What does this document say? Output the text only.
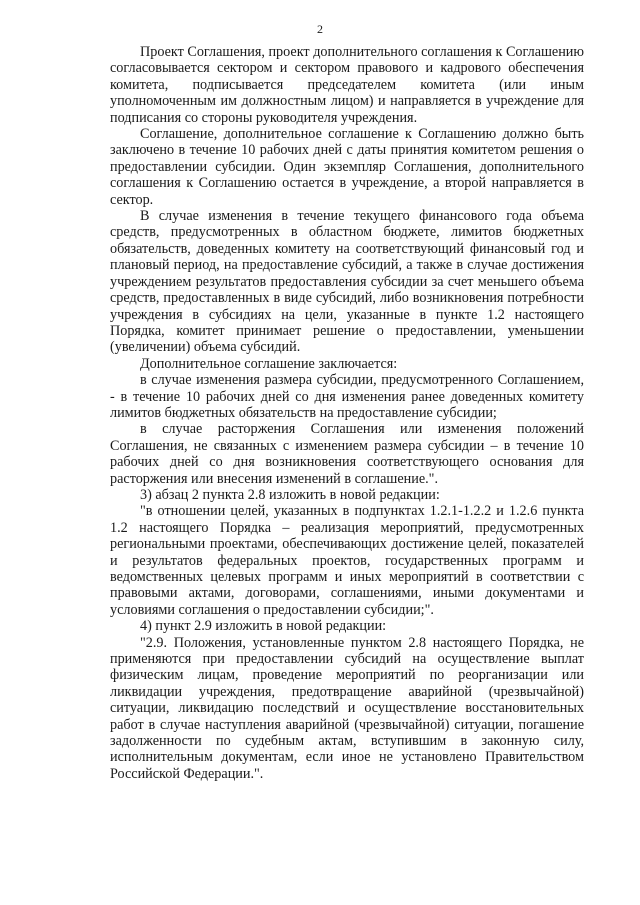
2

Проект Соглашения, проект дополнительного соглашения к Соглашению согласовывается сектором и сектором правового и кадрового обеспечения комитета, подписывается председателем комитета (или иным уполномоченным им должностным лицом) и направляется в учреждение для подписания со стороны руководителя учреждения.

Соглашение, дополнительное соглашение к Соглашению должно быть заключено в течение 10 рабочих дней с даты принятия комитетом решения о предоставлении субсидии. Один экземпляр Соглашения, дополнительного соглашения к Соглашению остается в учреждение, а второй направляется в сектор.

В случае изменения в течение текущего финансового года объема средств, предусмотренных в областном бюджете, лимитов бюджетных обязательств, доведенных комитету на соответствующий финансовый год и плановый период, на предоставление субсидий, а также в случае достижения учреждением результатов предоставления субсидии за счет меньшего объема средств, предоставленных в виде субсидий, либо возникновения потребности учреждения в субсидиях на цели, указанные в пункте 1.2 настоящего Порядка, комитет принимает решение о предоставлении, уменьшении (увеличении) объема субсидий.

Дополнительное соглашение заключается:

в случае изменения размера субсидии, предусмотренного Соглашением, - в течение 10 рабочих дней со дня изменения ранее доведенных комитету лимитов бюджетных обязательств на предоставление субсидии;

в случае расторжения Соглашения или изменения положений Соглашения, не связанных с изменением размера субсидии – в течение 10 рабочих дней со дня возникновения соответствующего основания для расторжения или внесения изменений в соглашение.".

3) абзац 2 пункта 2.8 изложить в новой редакции:

"в отношении целей, указанных в подпунктах 1.2.1-1.2.2 и 1.2.6 пункта 1.2 настоящего Порядка – реализация мероприятий, предусмотренных региональными проектами, обеспечивающих достижение целей, показателей и результатов федеральных проектов, государственных программ и ведомственных целевых программ и иных мероприятий в соответствии с правовыми актами, договорами, соглашениями, иными документами и условиями соглашения о предоставлении субсидии;".

4) пункт 2.9 изложить в новой редакции:

"2.9. Положения, установленные пунктом 2.8 настоящего Порядка, не применяются при предоставлении субсидий на осуществление выплат физическим лицам, проведение мероприятий по реорганизации или ликвидации учреждения, предотвращение аварийной (чрезвычайной) ситуации, ликвидацию последствий и осуществление восстановительных работ в случае наступления аварийной (чрезвычайной) ситуации, погашение задолженности по судебным актам, вступившим в законную силу, исполнительным документам, если иное не установлено Правительством Российской Федерации.".
